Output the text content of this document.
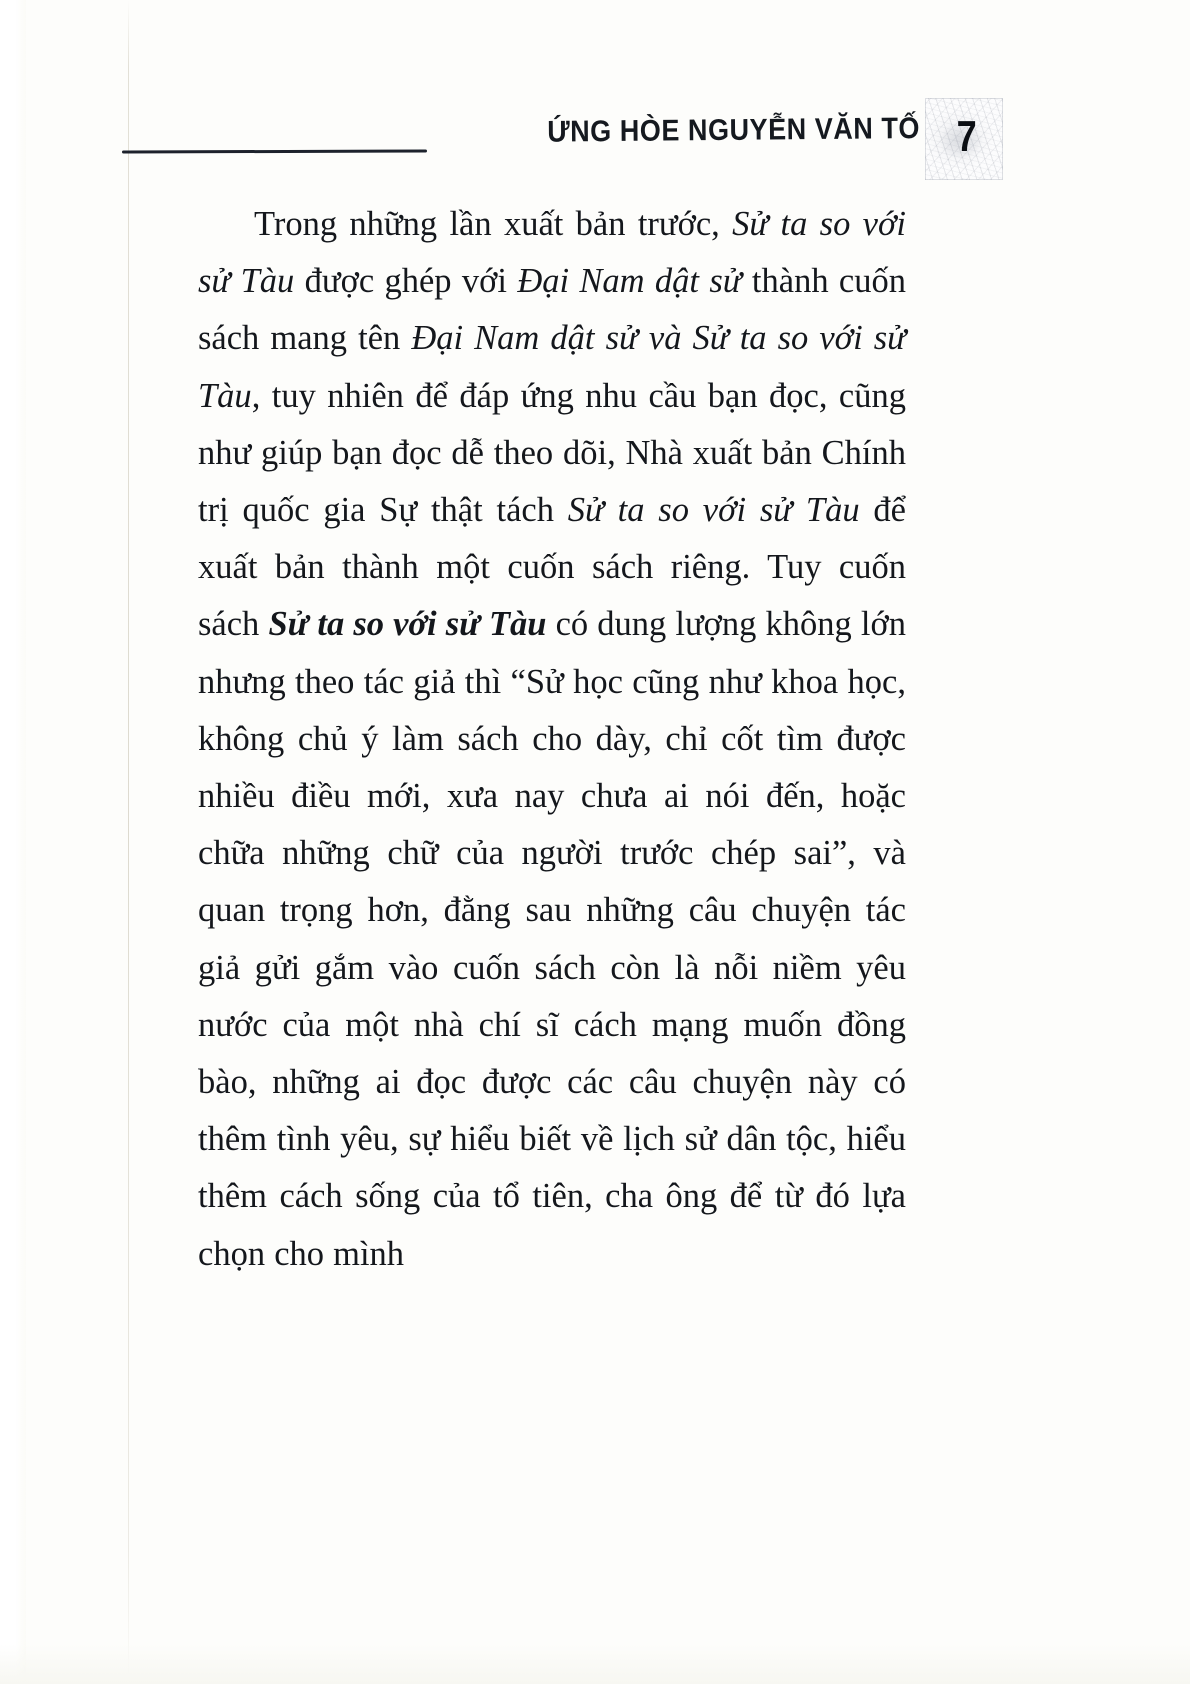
ỨNG HÒE NGUYỄN VĂN TỐ 7

Trong những lần xuất bản trước, Sử ta so với sử Tàu được ghép với Đại Nam dật sử thành cuốn sách mang tên Đại Nam dật sử và Sử ta so với sử Tàu, tuy nhiên để đáp ứng nhu cầu bạn đọc, cũng như giúp bạn đọc dễ theo dõi, Nhà xuất bản Chính trị quốc gia Sự thật tách Sử ta so với sử Tàu để xuất bản thành một cuốn sách riêng. Tuy cuốn sách Sử ta so với sử Tàu có dung lượng không lớn nhưng theo tác giả thì “Sử học cũng như khoa học, không chủ ý làm sách cho dày, chỉ cốt tìm được nhiều điều mới, xưa nay chưa ai nói đến, hoặc chữa những chữ của người trước chép sai”, và quan trọng hơn, đằng sau những câu chuyện tác giả gửi gắm vào cuốn sách còn là nỗi niềm yêu nước của một nhà chí sĩ cách mạng muốn đồng bào, những ai đọc được các câu chuyện này có thêm tình yêu, sự hiểu biết về lịch sử dân tộc, hiểu thêm cách sống của tổ tiên, cha ông để từ đó lựa chọn cho mình
